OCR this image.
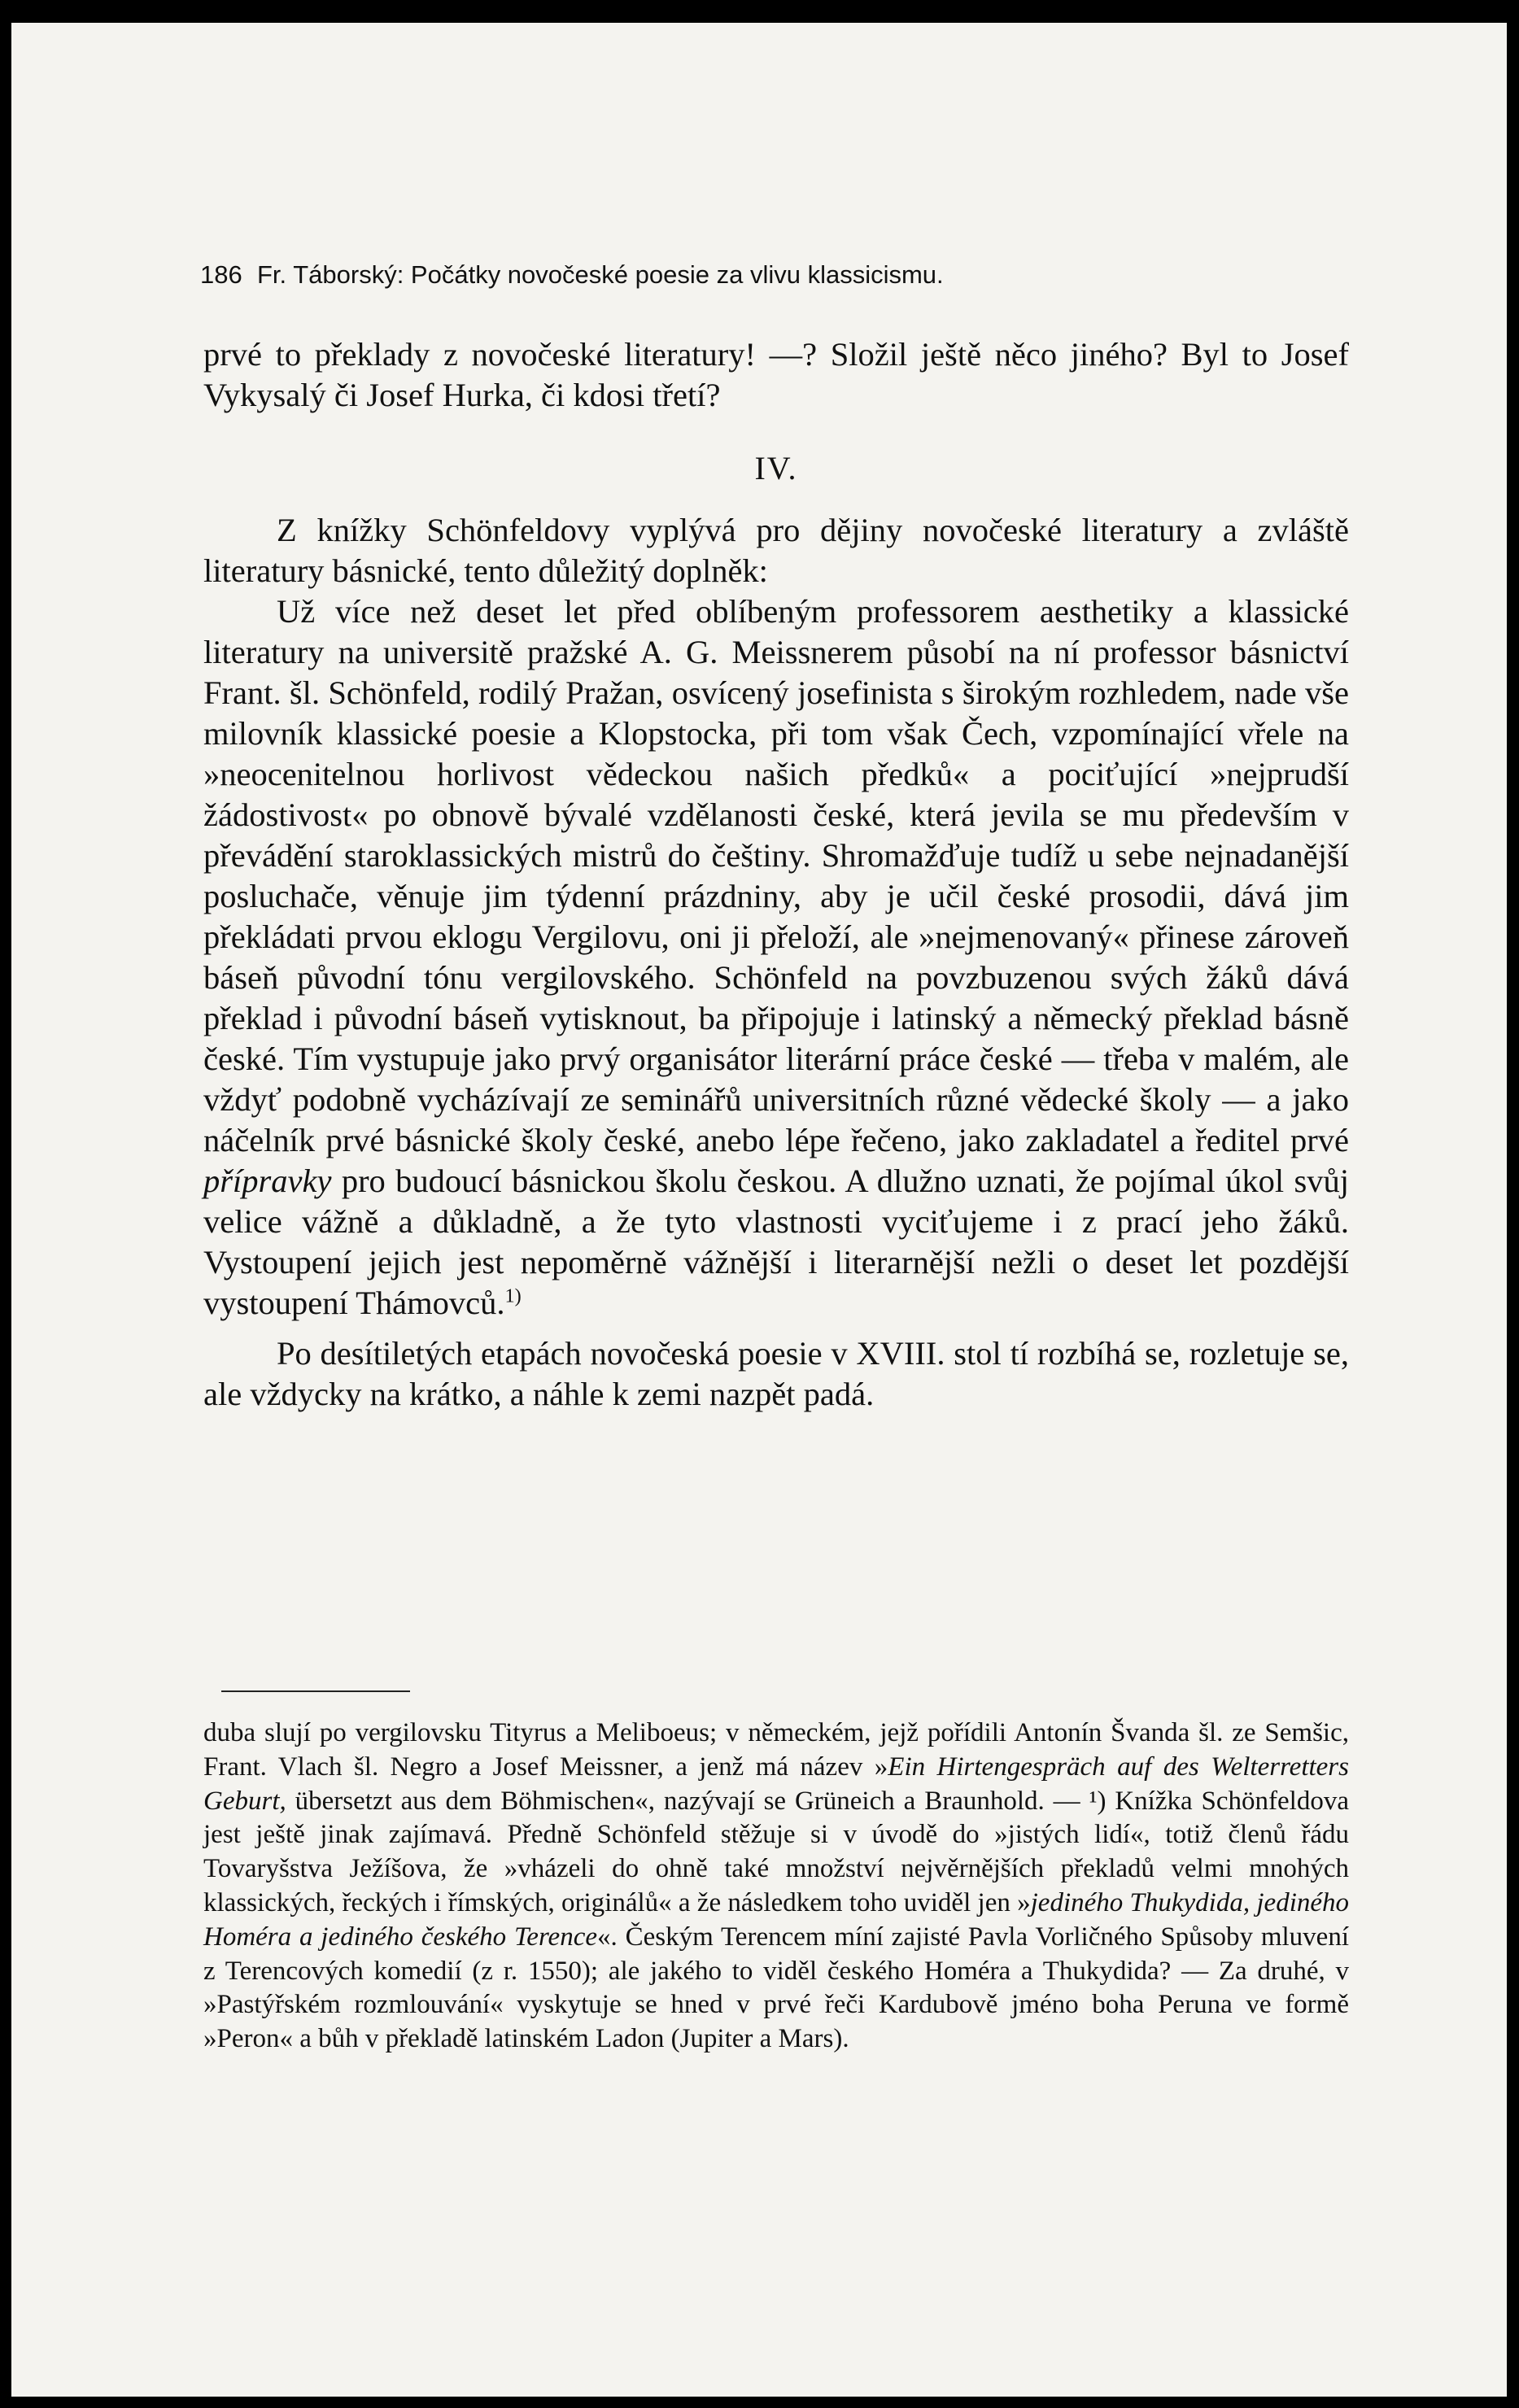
186 Fr. Táborský: Počátky novočeské poesie za vlivu klassicismu.

prvé to překlady z novočeské literatury! —? Složil ještě něco jiného? Byl to Josef Vykysalý či Josef Hurka, či kdosi třetí?

IV.

Z knížky Schönfeldovy vyplývá pro dějiny novočeské literatury a zvláště literatury básnické, tento důležitý doplněk:

Už více než deset let před oblíbeným professorem aesthetiky a klassické literatury na universitě pražské A. G. Meissnerem působí na ní professor básnictví Frant. šl. Schönfeld, rodilý Pražan, osvícený josefinista s širokým rozhledem, nade vše milovník klassické poesie a Klopstocka, při tom však Čech, vzpomínající vřele na »neocenitelnou horlivost vědeckou našich předků« a pociťující »nejprudší žádostivost« po obnově bývalé vzdělanosti české, která jevila se mu především v převádění staroklassických mistrů do češtiny. Shromažďuje tudíž u sebe nejnadanější posluchače, věnuje jim týdenní prázdniny, aby je učil české prosodii, dává jim překládati prvou eklogu Vergilovu, oni ji přeloží, ale »nejmenovaný« přinese zároveň báseň původní tónu vergilovského. Schönfeld na povzbuzenou svých žáků dává překlad i původní báseň vytisknout, ba připojuje i latinský a německý překlad básně české. Tím vystupuje jako prvý organisátor literární práce české — třeba v malém, ale vždyť podobně vycházívají ze seminářů universitních různé vědecké školy — a jako náčelník prvé básnické školy české, anebo lépe řečeno, jako zakladatel a ředitel prvé přípravky pro budoucí básnickou školu českou. A dlužno uznati, že pojímal úkol svůj velice vážně a důkladně, a že tyto vlastnosti vyciťujeme i z prací jeho žáků. Vystoupení jejich jest nepoměrně vážnější i literarnější nežli o deset let pozdější vystoupení Thámovců.$^{1)}$

Po desítiletých etapách novočeská poesie v XVIII. stol tí rozbíhá se, rozletuje se, ale vždycky na krátko, a náhle k zemi nazpět padá.

duba slují po vergilovsku Tityrus a Meliboeus; v německém, jejž pořídili Antonín Švanda šl. ze Semšic, Frant. Vlach šl. Negro a Josef Meissner, a jenž má název »Ein Hirtengespräch auf des Welterretters Geburt, übersetzt aus dem Böhmischen«, nazývají se Grüneich a Braunhold. — ¹) Knížka Schönfeldova jest ještě jinak zajímavá. Předně Schönfeld stěžuje si v úvodě do »jistých lidí«, totiž členů řádu Tovaryšstva Ježíšova, že »vházeli do ohně také množství nejvěrnějších překladů velmi mnohých klassických, řeckých i římských, originálů« a že následkem toho uviděl jen »jediného Thukydida, jediného Homéra a jediného českého Terence«. Českým Terencem míní zajisté Pavla Vorličného Spůsoby mluvení z Terencových komedií (z r. 1550); ale jakého to viděl českého Homéra a Thukydida? — Za druhé, v »Pastýřském rozmlouvání« vyskytuje se hned v prvé řeči Kardubově jméno boha Peruna ve formě »Peron« a bůh v překladě latinském Ladon (Jupiter a Mars).
